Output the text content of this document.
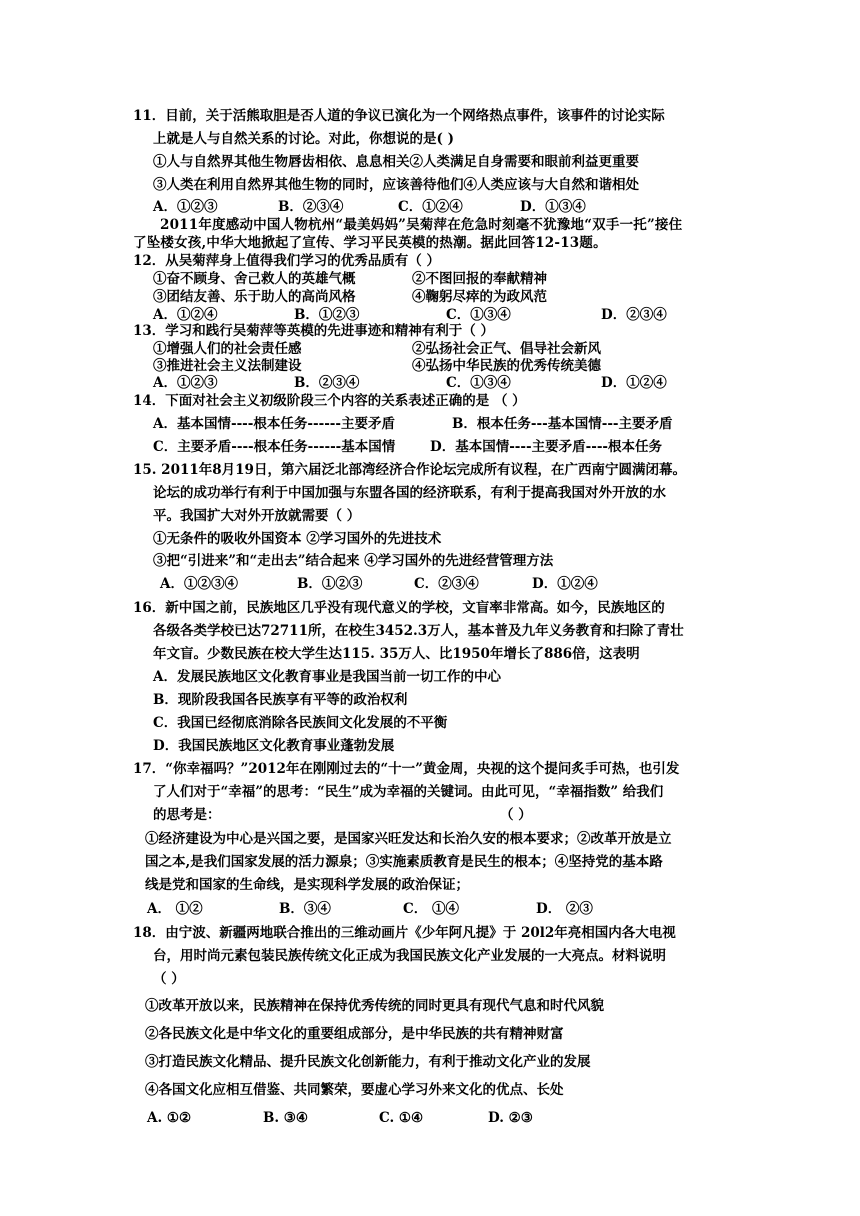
11．目前，关于活熊取胆是否人道的争议已演化为一个网络热点事件，该事件的讨论实际
上就是人与自然关系的讨论。对此，你想说的是( )
①人与自然界其他生物唇齿相依、息息相关②人类满足自身需要和眼前利益更重要
③人类在利用自然界其他生物的同时，应该善待他们④人类应该与大自然和谐相处
A．①②③	B．②③④	C．①②④	D．①③④
2011年度感动中国人物杭州“最美妈妈”吴菊萍在危急时刻毫不犹豫地“双手一托”接住
了坠楼女孩,中华大地掀起了宣传、学习平民英模的热潮。据此回答12-13题。
12．从吴菊萍身上值得我们学习的优秀品质有（ ）
①奋不顾身、舍己救人的英雄气概	②不图回报的奉献精神
③团结友善、乐于助人的高尚风格	④鞠躬尽瘁的为政风范
A．①②④	B．①②③	C．①③④	D．②③④
13．学习和践行吴菊萍等英模的先进事迹和精神有利于（ ）
①增强人们的社会责任感	②弘扬社会正气、倡导社会新风
③推进社会主义法制建设	④弘扬中华民族的优秀传统美德
A．①②③	B．②③④	C．①③④	D．①②④
14．下面对社会主义初级阶段三个内容的关系表述正确的是 （ ）
A．基本国情----根本任务------主要矛盾	B．根本任务---基本国情---主要矛盾
C．主要矛盾----根本任务------基本国情	D．基本国情----主要矛盾----根本任务
15. 2011年8月19日，第六届泛北部湾经济合作论坛完成所有议程，在广西南宁圆满闭幕。
论坛的成功举行有利于中国加强与东盟各国的经济联系，有利于提高我国对外开放的水
平。我国扩大对外开放就需要（ ）
①无条件的吸收外国资本 ②学习国外的先进技术
③把“引进来”和“走出去”结合起来 ④学习国外的先进经营管理方法
A．①②③④	B．①②③	C．②③④	D．①②④
16．新中国之前，民族地区几乎没有现代意义的学校，文盲率非常高。如今，民族地区的
各级各类学校已达72711所，在校生3452.3万人，基本普及九年义务教育和扫除了青壮
年文盲。少数民族在校大学生达115. 35万人、比1950年增长了886倍，这表明
A．发展民族地区文化教育事业是我国当前一切工作的中心
B．现阶段我国各民族享有平等的政治权利
C．我国已经彻底消除各民族间文化发展的不平衡
D．我国民族地区文化教育事业蓬勃发展
17．“你幸福吗？”2012年在刚刚过去的“十一”黄金周，央视的这个提问炙手可热，也引发
了人们对于“幸福”的思考：“民生”成为幸福的关键词。由此可见，“幸福指数” 给我们
的思考是：	（ ）
①经济建设为中心是兴国之要，是国家兴旺发达和长治久安的根本要求；②改革开放是立
国之本,是我们国家发展的活力源泉；③实施素质教育是民生的根本；④坚持党的基本路
线是党和国家的生命线，是实现科学发展的政治保证；
A． ①②	B．③④	C． ①④	D． ②③
18．由宁波、新疆两地联合推出的三维动画片《少年阿凡提》于 20l2年亮相国内各大电视
台，用时尚元素包装民族传统文化正成为我国民族文化产业发展的一大亮点。材料说明
（ ）
①改革开放以来，民族精神在保持优秀传统的同时更具有现代气息和时代风貌
②各民族文化是中华文化的重要组成部分，是中华民族的共有精神财富
③打造民族文化精品、提升民族文化创新能力，有利于推动文化产业的发展
④各国文化应相互借鉴、共同繁荣，要虚心学习外来文化的优点、长处
A. ①②	B. ③④	C. ①④	D. ②③
